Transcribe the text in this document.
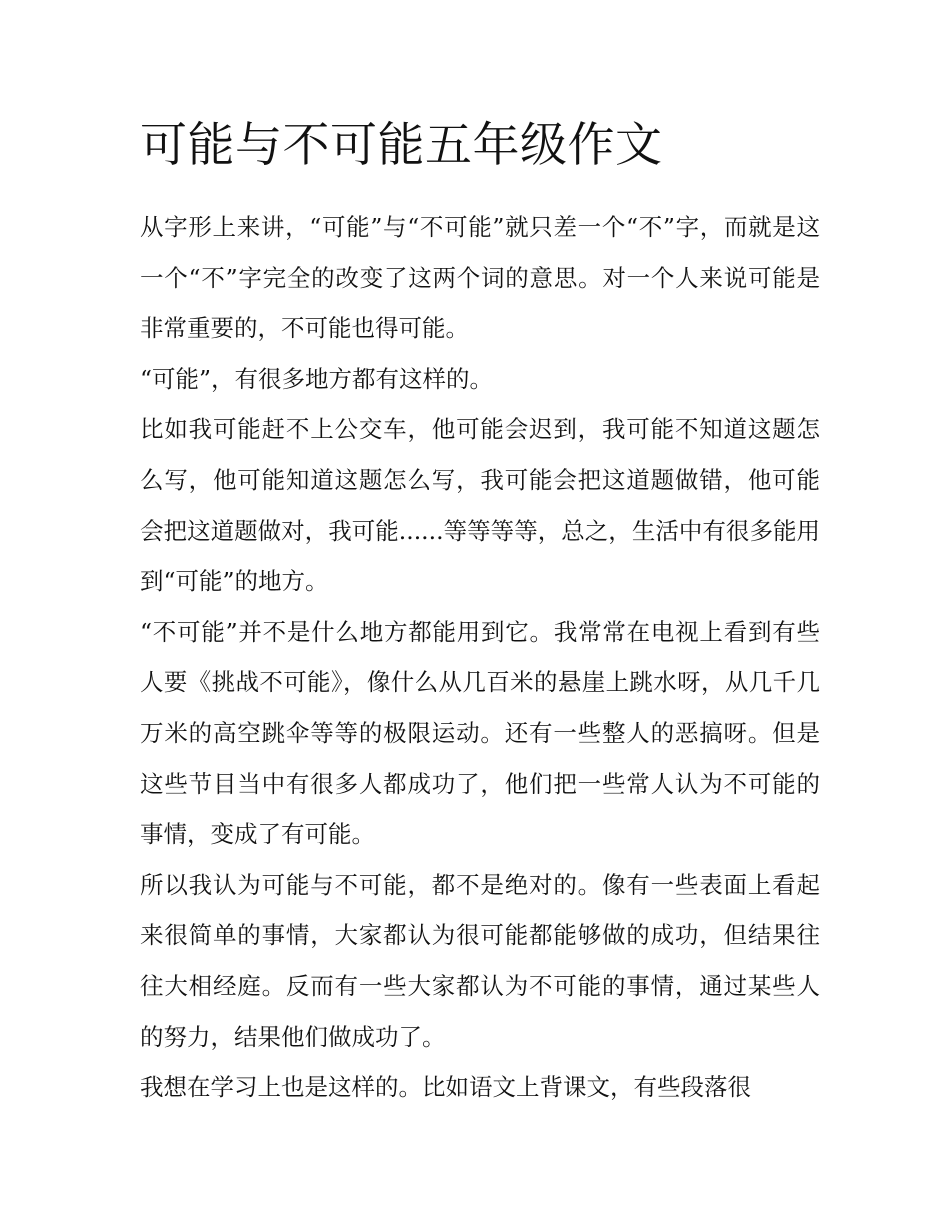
可能与不可能五年级作文

从字形上来讲，“可能”与“不可能”就只差一个“不”字，而就是这一个“不”字完全的改变了这两个词的意思。对一个人来说可能是非常重要的，不可能也得可能。

“可能”，有很多地方都有这样的。

比如我可能赶不上公交车，他可能会迟到，我可能不知道这题怎么写，他可能知道这题怎么写，我可能会把这道题做错，他可能会把这道题做对，我可能......等等等等，总之，生活中有很多能用到“可能”的地方。

“不可能”并不是什么地方都能用到它。我常常在电视上看到有些人要《挑战不可能》，像什么从几百米的悬崖上跳水呀，从几千几万米的高空跳伞等等的极限运动。还有一些整人的恶搞呀。但是这些节目当中有很多人都成功了，他们把一些常人认为不可能的事情，变成了有可能。

所以我认为可能与不可能，都不是绝对的。像有一些表面上看起来很简单的事情，大家都认为很可能都能够做的成功，但结果往往大相经庭。反而有一些大家都认为不可能的事情，通过某些人的努力，结果他们做成功了。

我想在学习上也是这样的。比如语文上背课文，有些段落很
